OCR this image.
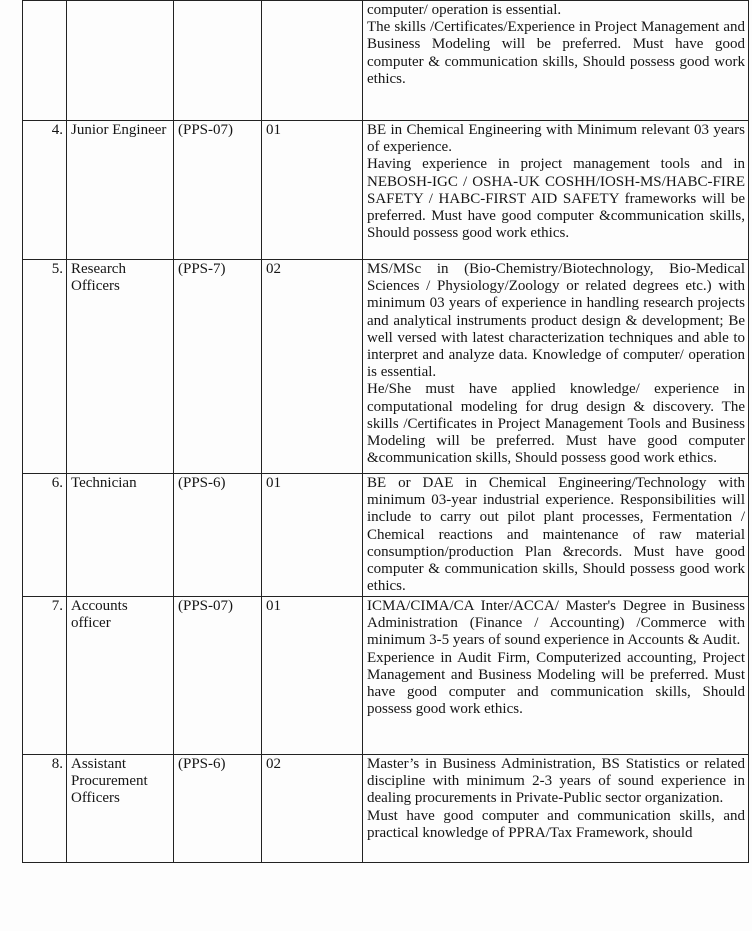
				computer/ operation is essential.
The skills /Certificates/Experience in Project Management and Business Modeling will be preferred. Must have good computer & communication skills, Should possess good work ethics.

4.	Junior Engineer	(PPS-07)	01	BE in Chemical Engineering with Minimum relevant 03 years of experience.
Having experience in project management tools and in NEBOSH-IGC / OSHA-UK COSHH/IOSH-MS/HABC-FIRE SAFETY / HABC-FIRST AID SAFETY frameworks will be preferred. Must have good computer &communication skills, Should possess good work ethics.

5.	Research Officers	(PPS-7)	02	MS/MSc in (Bio-Chemistry/Biotechnology, Bio-Medical Sciences / Physiology/Zoology or related degrees etc.) with minimum 03 years of experience in handling research projects and analytical instruments product design & development; Be well versed with latest characterization techniques and able to interpret and analyze data. Knowledge of computer/ operation is essential.
He/She must have applied knowledge/ experience in computational modeling for drug design & discovery. The skills /Certificates in Project Management Tools and Business Modeling will be preferred. Must have good computer &communication skills, Should possess good work ethics.

6.	Technician	(PPS-6)	01	BE or DAE in Chemical Engineering/Technology with minimum 03-year industrial experience. Responsibilities will include to carry out pilot plant processes, Fermentation / Chemical reactions and maintenance of raw material consumption/production Plan &records. Must have good computer & communication skills, Should possess good work ethics.

7.	Accounts officer	(PPS-07)	01	ICMA/CIMA/CA Inter/ACCA/ Master's Degree in Business Administration (Finance / Accounting) /Commerce with minimum 3-5 years of sound experience in Accounts & Audit.
Experience in Audit Firm, Computerized accounting, Project Management and Business Modeling will be preferred. Must have good computer and communication skills, Should possess good work ethics.

8.	Assistant Procurement Officers	(PPS-6)	02	Master’s in Business Administration, BS Statistics or related discipline with minimum 2-3 years of sound experience in dealing procurements in Private-Public sector organization.
Must have good computer and communication skills, and practical knowledge of PPRA/Tax Framework, should
